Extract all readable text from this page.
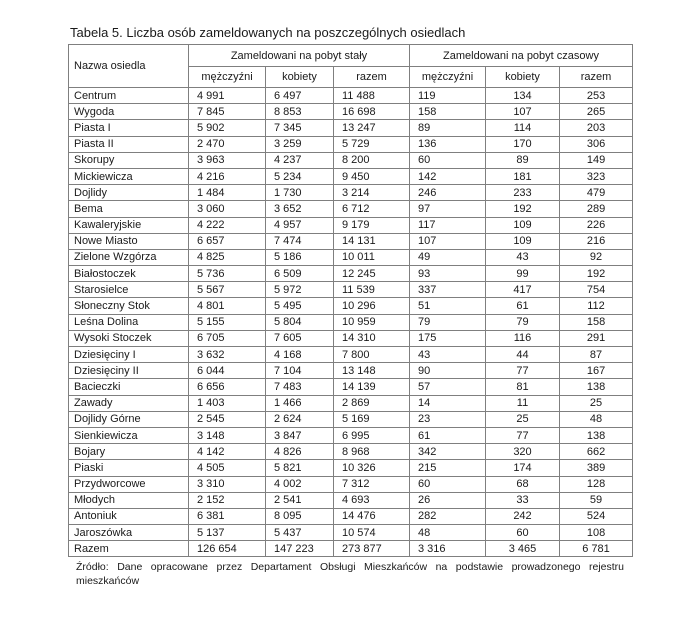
Tabela 5. Liczba osób zameldowanych na poszczególnych osiedlach
Nazwa osiedla	Zameldowani na pobyt stały			Zameldowani na pobyt czasowy		
	mężczyźni	kobiety	razem	mężczyźni	kobiety	razem
Centrum	4 991	6 497	11 488	119	134	253
Wygoda	7 845	8 853	16 698	158	107	265
Piasta I	5 902	7 345	13 247	89	114	203
Piasta II	2 470	3 259	5 729	136	170	306
Skorupy	3 963	4 237	8 200	60	89	149
Mickiewicza	4 216	5 234	9 450	142	181	323
Dojlidy	1 484	1 730	3 214	246	233	479
Bema	3 060	3 652	6 712	97	192	289
Kawaleryjskie	4 222	4 957	9 179	117	109	226
Nowe Miasto	6 657	7 474	14 131	107	109	216
Zielone Wzgórza	4 825	5 186	10 011	49	43	92
Białostoczek	5 736	6 509	12 245	93	99	192
Starosielce	5 567	5 972	11 539	337	417	754
Słoneczny Stok	4 801	5 495	10 296	51	61	112
Leśna Dolina	5 155	5 804	10 959	79	79	158
Wysoki Stoczek	6 705	7 605	14 310	175	116	291
Dziesięciny I	3 632	4 168	7 800	43	44	87
Dziesięciny II	6 044	7 104	13 148	90	77	167
Bacieczki	6 656	7 483	14 139	57	81	138
Zawady	1 403	1 466	2 869	14	11	25
Dojlidy Górne	2 545	2 624	5 169	23	25	48
Sienkiewicza	3 148	3 847	6 995	61	77	138
Bojary	4 142	4 826	8 968	342	320	662
Piaski	4 505	5 821	10 326	215	174	389
Przydworcowe	3 310	4 002	7 312	60	68	128
Młodych	2 152	2 541	4 693	26	33	59
Antoniuk	6 381	8 095	14 476	282	242	524
Jaroszówka	5 137	5 437	10 574	48	60	108
Razem	126 654	147 223	273 877	3 316	3 465	6 781
Źródło: Dane opracowane przez Departament Obsługi Mieszkańców na podstawie prowadzonego rejestru mieszkańców
